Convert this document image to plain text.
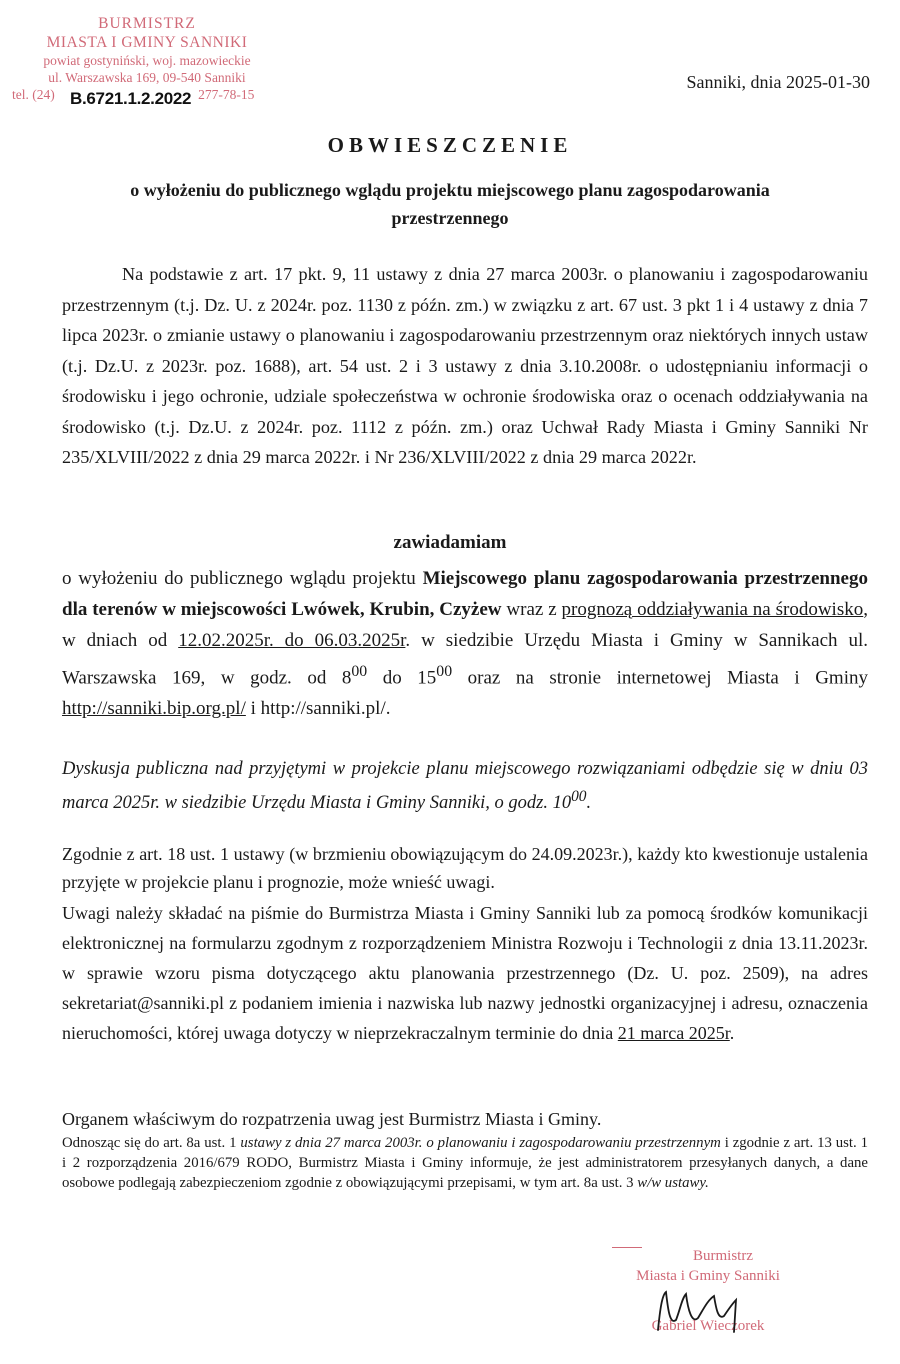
BURMISTRZ
MIASTA I GMINY SANNIKI
powiat gostyniński, woj. mazowieckie
ul. Warszawska 169, 09-540 Sanniki
tel. (24)	277-78-15
B.6721.1.2.2022
Sanniki, dnia 2025-01-30
OBWIESZCZENIE
o wyłożeniu do publicznego wglądu projektu miejscowego planu zagospodarowania przestrzennego
Na podstawie z art. 17 pkt. 9, 11 ustawy z dnia 27 marca 2003r. o planowaniu i zagospodarowaniu przestrzennym (t.j. Dz. U. z 2024r. poz. 1130 z późn. zm.) w związku z art. 67 ust. 3 pkt 1 i 4 ustawy z dnia 7 lipca 2023r. o zmianie ustawy o planowaniu i zagospodarowaniu przestrzennym oraz niektórych innych ustaw (t.j. Dz.U. z 2023r. poz. 1688), art. 54 ust. 2 i 3 ustawy z dnia 3.10.2008r. o udostępnianiu informacji o środowisku i jego ochronie, udziale społeczeństwa w ochronie środowiska oraz o ocenach oddziaływania na środowisko (t.j. Dz.U. z 2024r. poz. 1112 z późn. zm.) oraz Uchwał Rady Miasta i Gminy Sanniki Nr 235/XLVIII/2022 z dnia 29 marca 2022r. i Nr 236/XLVIII/2022 z dnia 29 marca 2022r.
zawiadamiam
o wyłożeniu do publicznego wglądu projektu Miejscowego planu zagospodarowania przestrzennego dla terenów w miejscowości Lwówek, Krubin, Czyżew wraz z prognozą oddziaływania na środowisko, w dniach od 12.02.2025r. do 06.03.2025r. w siedzibie Urzędu Miasta i Gminy w Sannikach ul. Warszawska 169, w godz. od $8^{00}$ do $15^{00}$ oraz na stronie internetowej Miasta i Gminy http://sanniki.bip.org.pl/ i http://sanniki.pl/.
Dyskusja publiczna nad przyjętymi w projekcie planu miejscowego rozwiązaniami odbędzie się w dniu 03 marca 2025r. w siedzibie Urzędu Miasta i Gminy Sanniki, o godz. $10^{00}$.
Zgodnie z art. 18 ust. 1 ustawy (w brzmieniu obowiązującym do 24.09.2023r.), każdy kto kwestionuje ustalenia przyjęte w projekcie planu i prognozie, może wnieść uwagi.
Uwagi należy składać na piśmie do Burmistrza Miasta i Gminy Sanniki lub za pomocą środków komunikacji elektronicznej na formularzu zgodnym z rozporządzeniem Ministra Rozwoju i Technologii z dnia 13.11.2023r. w sprawie wzoru pisma dotyczącego aktu planowania przestrzennego (Dz. U. poz. 2509), na adres sekretariat@sanniki.pl z podaniem imienia i nazwiska lub nazwy jednostki organizacyjnej i adresu, oznaczenia nieruchomości, której uwaga dotyczy w nieprzekraczalnym terminie do dnia 21 marca 2025r.
Organem właściwym do rozpatrzenia uwag jest Burmistrz Miasta i Gminy.
Odnosząc się do art. 8a ust. 1 ustawy z dnia 27 marca 2003r. o planowaniu i zagospodarowaniu przestrzennym i zgodnie z art. 13 ust. 1 i 2 rozporządzenia 2016/679 RODO, Burmistrz Miasta i Gminy informuje, że jest administratorem przesyłanych danych, a dane osobowe podlegają zabezpieczeniom zgodnie z obowiązującymi przepisami, w tym art. 8a ust. 3 w/w ustawy.
Burmistrz
Miasta i Gminy Sanniki
Gabriel Wieczorek
